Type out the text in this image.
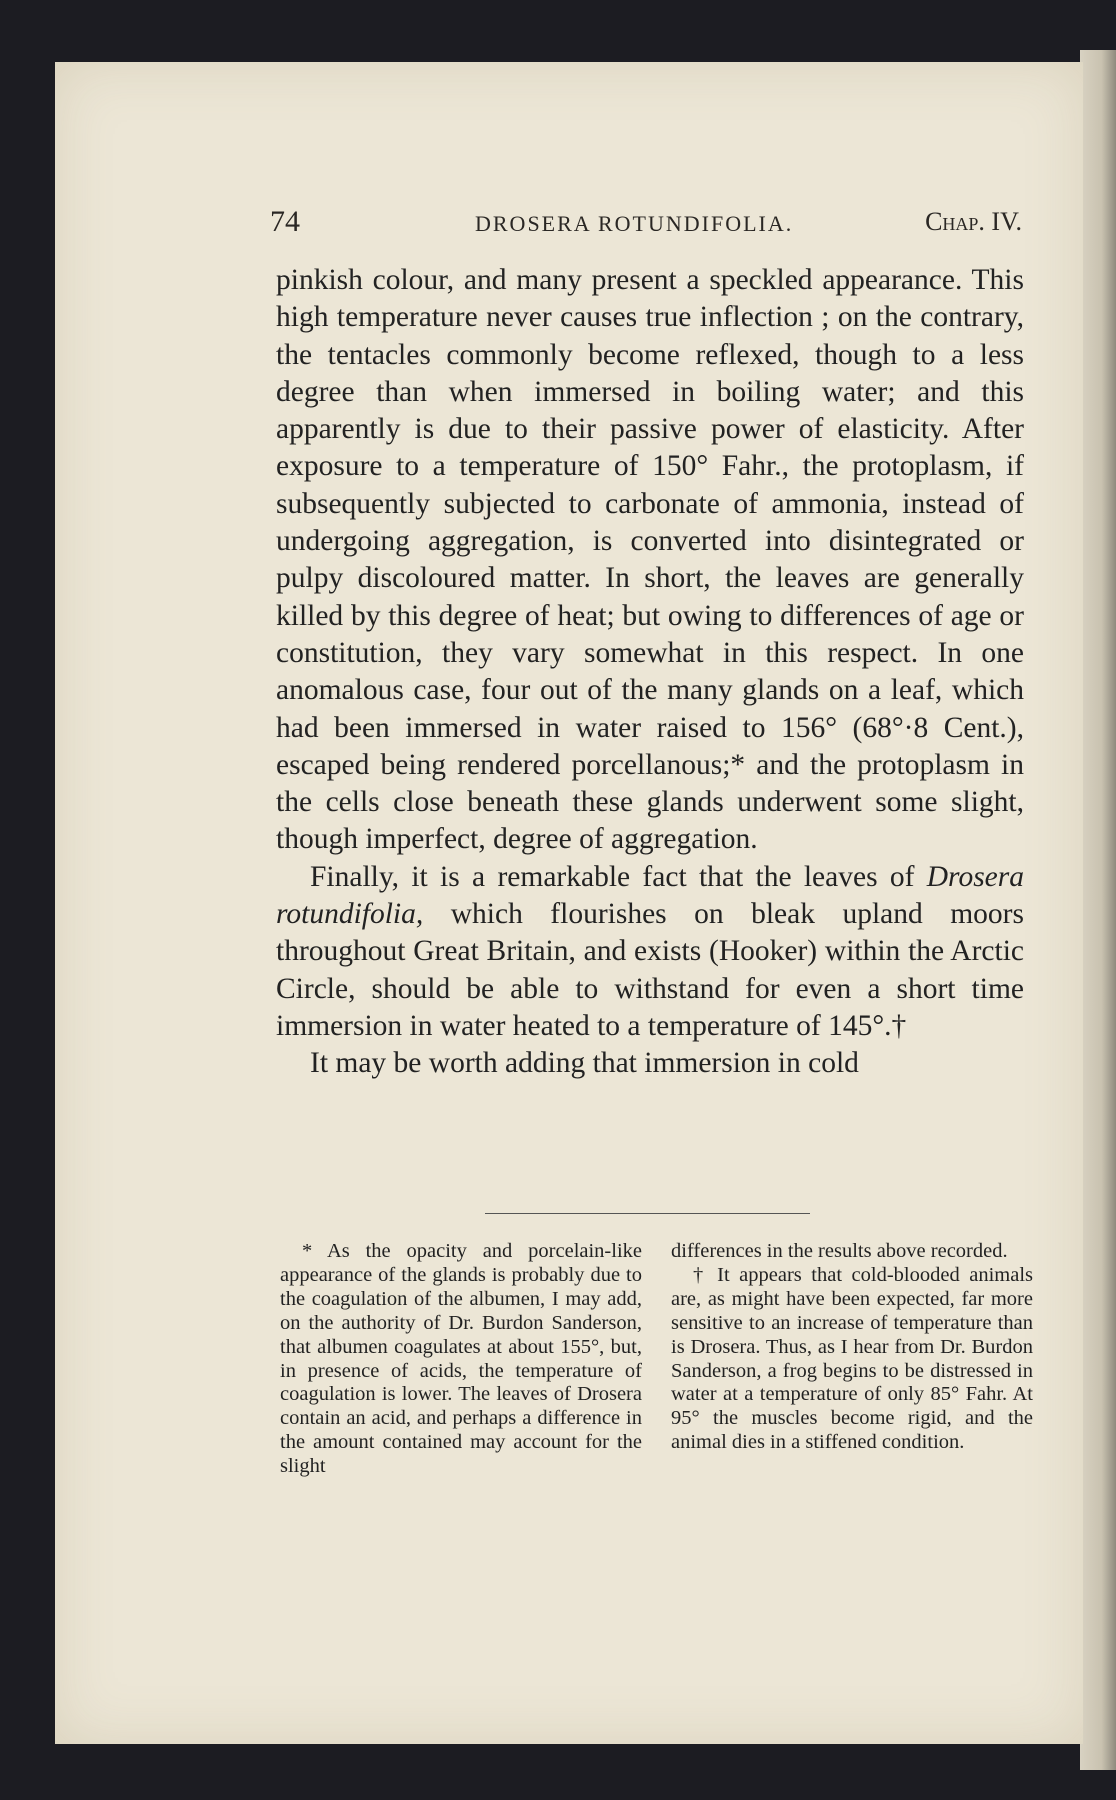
74	DROSERA ROTUNDIFOLIA.	Chap. IV.

pinkish colour, and many present a speckled appearance. This high temperature never causes true inflection ; on the contrary, the tentacles commonly become reflexed, though to a less degree than when immersed in boiling water; and this apparently is due to their passive power of elasticity. After exposure to a temperature of 150° Fahr., the protoplasm, if subsequently subjected to carbonate of ammonia, instead of undergoing aggregation, is converted into disintegrated or pulpy discoloured matter. In short, the leaves are generally killed by this degree of heat; but owing to differences of age or constitution, they vary somewhat in this respect. In one anomalous case, four out of the many glands on a leaf, which had been immersed in water raised to 156° (68°·8 Cent.), escaped being rendered porcellanous;* and the protoplasm in the cells close beneath these glands underwent some slight, though imperfect, degree of aggregation.

Finally, it is a remarkable fact that the leaves of Drosera rotundifolia, which flourishes on bleak upland moors throughout Great Britain, and exists (Hooker) within the Arctic Circle, should be able to withstand for even a short time immersion in water heated to a temperature of 145°.†

It may be worth adding that immersion in cold

* As the opacity and porcelain-like appearance of the glands is probably due to the coagulation of the albumen, I may add, on the authority of Dr. Burdon Sanderson, that albumen coagulates at about 155°, but, in presence of acids, the temperature of coagulation is lower. The leaves of Drosera contain an acid, and perhaps a difference in the amount contained may account for the slight

differences in the results above recorded.

† It appears that cold-blooded animals are, as might have been expected, far more sensitive to an increase of temperature than is Drosera. Thus, as I hear from Dr. Burdon Sanderson, a frog begins to be distressed in water at a temperature of only 85° Fahr. At 95° the muscles become rigid, and the animal dies in a stiffened condition.
